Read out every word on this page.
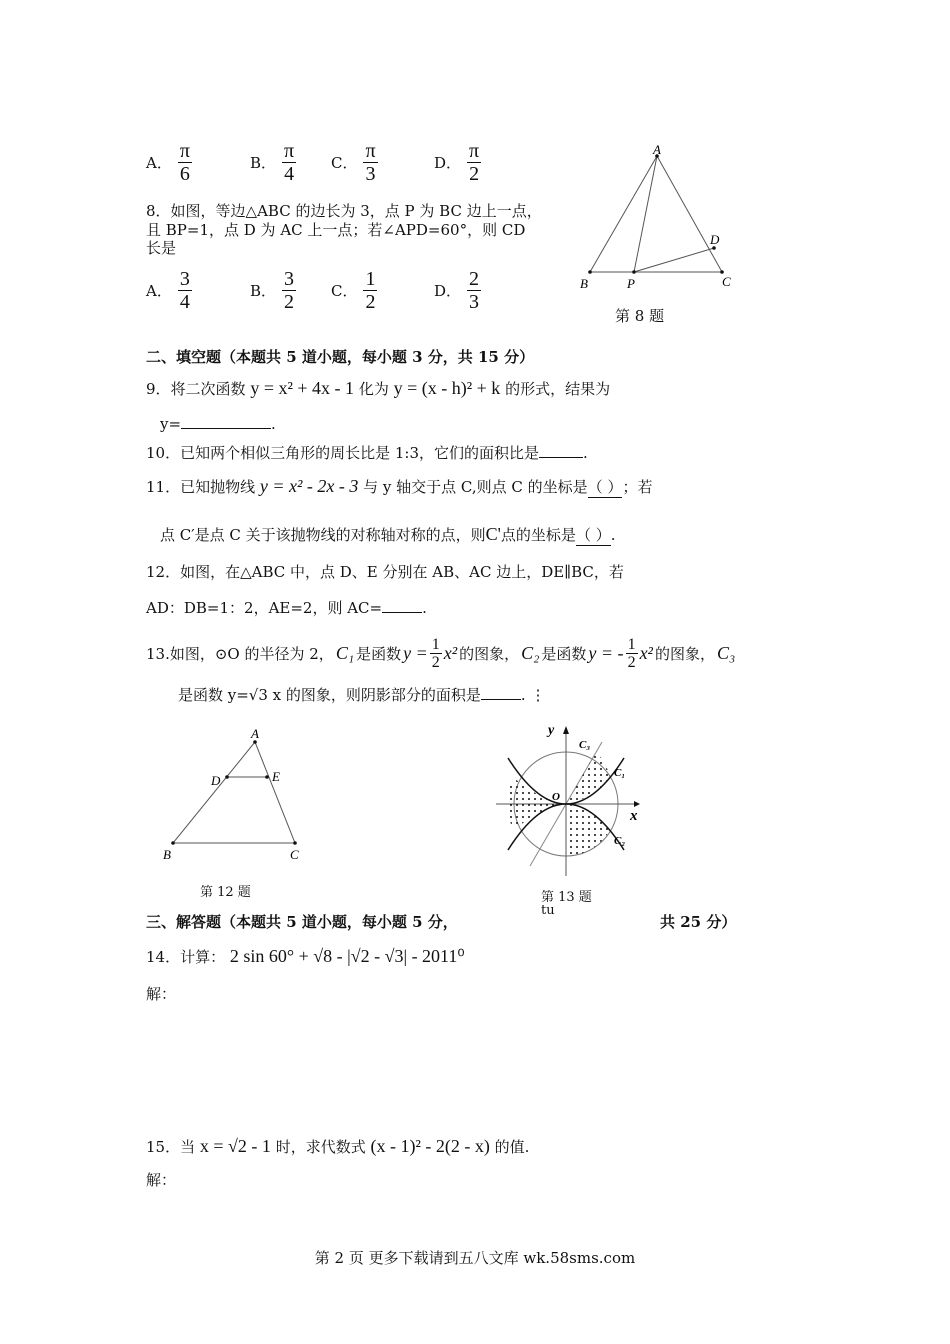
A． $\frac{\pi}{6}$	B． $\frac{\pi}{4}$ C． $\frac{\pi}{3}$	D． $\frac{\pi}{2}$
8．如图，等边△ABC 的边长为 3，点 P 为 BC 边上一点，
且 BP=1，点 D 为 AC 上一点；若∠APD=60°，则 CD
长是
A． $\frac{3}{4}$	B． $\frac{3}{2}$ C． $\frac{1}{2}$	D． $\frac{2}{3}$
A
B	C
P
D
第 8 题
二、填空题（本题共 5 道小题，每小题 3 分，共 15 分）
9．将二次函数 y = x² + 4x - 1 化为 y = (x - h)² + k 的形式，结果为
y=	.
10．已知两个相似三角形的周长比是 1:3，它们的面积比是	.
11．已知抛物线 y = x² - 2x - 3 与 y 轴交于点 C,则点 C 的坐标是（ ）；若
点 C′是点 C 关于该抛物线的对称轴对称的点，则C'点的坐标是（ ）.
12．如图，在△ABC 中，点 D、E 分别在 AB、AC 边上，DE∥BC，若
AD：DB=1：2，AE=2，则 AC=	.
13.如图，⊙O 的半径为 2， C₁ 是函数 $y = \frac{1}{2} x^2$ 的图象， C₂ 是函数 y = - $\frac{1}{2} x^2$ 的图象， C₃
是函数 y=√3 x 的图象，则阴影部分的面积是	. ⋮
A
D	E
B	C
第 12 题
y
x
O
C₃
C₁
C₂
第 13 题
tu
三、解答题（本题共 5 道小题，每小题 5 分，	共 25 分）
14．计算： 2 sin 60° + √8 - |√2 - √3| - 2011⁰
解：
15．当 x = √2 - 1 时，求代数式 (x - 1)² - 2(2 - x) 的值.
解：
第 2 页 更多下载请到五八文库 wk.58sms.com
